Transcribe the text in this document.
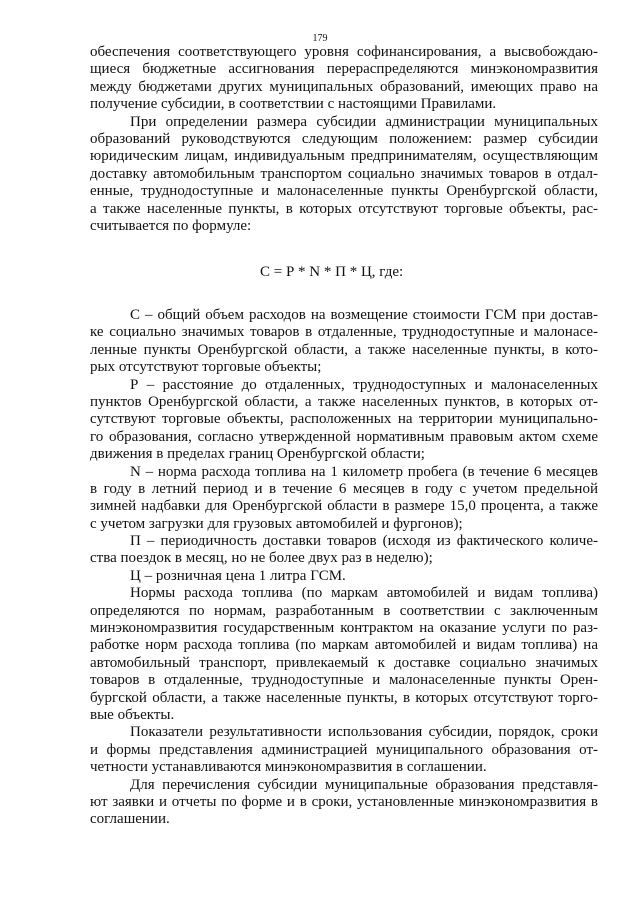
179
обеспечения соответствующего уровня софинансирования, а высвобождаю-
щиеся бюджетные ассигнования перераспределяются минэкономразвития
между бюджетами других муниципальных образований, имеющих право на
получение субсидии, в соответствии с настоящими Правилами.
При определении размера субсидии администрации муниципальных
образований руководствуются следующим положением: размер субсидии
юридическим лицам, индивидуальным предпринимателям, осуществляющим
доставку автомобильным транспортом социально значимых товаров в отдал-
енные, труднодоступные и малонаселенные пункты Оренбургской области,
а также населенные пункты, в которых отсутствуют торговые объекты, рас-
считывается по формуле:
С = Р * N * П * Ц, где:
С – общий объем расходов на возмещение стоимости ГСМ при достав-
ке социально значимых товаров в отдаленные, труднодоступные и малонасе-
ленные пункты Оренбургской области, а также населенные пункты, в кото-
рых отсутствуют торговые объекты;
Р – расстояние до отдаленных, труднодоступных и малонаселенных
пунктов Оренбургской области, а также населенных пунктов, в которых от-
сутствуют торговые объекты, расположенных на территории муниципально-
го образования, согласно утвержденной нормативным правовым актом схеме
движения в пределах границ Оренбургской области;
N – норма расхода топлива на 1 километр пробега (в течение 6 месяцев
в году в летний период и в течение 6 месяцев в году с учетом предельной
зимней надбавки для Оренбургской области в размере 15,0 процента, а также
с учетом загрузки для грузовых автомобилей и фургонов);
П – периодичность доставки товаров (исходя из фактического количе-
ства поездок в месяц, но не более двух раз в неделю);
Ц – розничная цена 1 литра ГСМ.
Нормы расхода топлива (по маркам автомобилей и видам топлива)
определяются по нормам, разработанным в соответствии с заключенным
минэкономразвития государственным контрактом на оказание услуги по раз-
работке норм расхода топлива (по маркам автомобилей и видам топлива) на
автомобильный транспорт, привлекаемый к доставке социально значимых
товаров в отдаленные, труднодоступные и малонаселенные пункты Орен-
бургской области, а также населенные пункты, в которых отсутствуют торго-
вые объекты.
Показатели результативности использования субсидии, порядок, сроки
и формы представления администрацией муниципального образования от-
четности устанавливаются минэкономразвития в соглашении.
Для перечисления субсидии муниципальные образования представля-
ют заявки и отчеты по форме и в сроки, установленные минэкономразвития в
соглашении.
